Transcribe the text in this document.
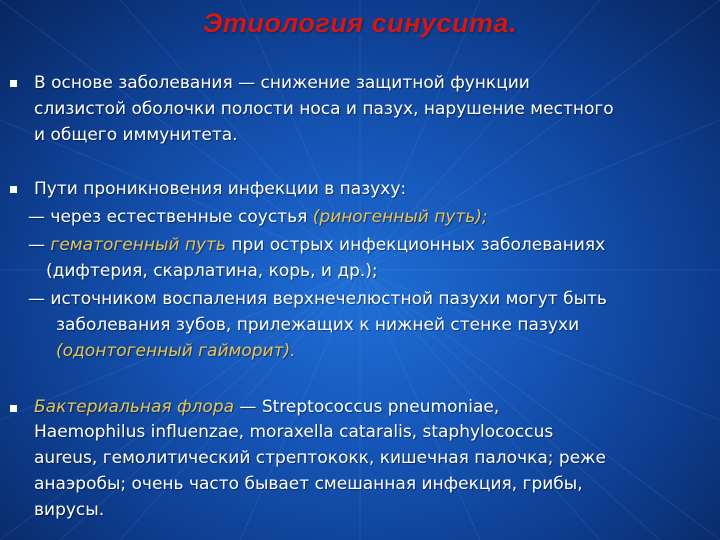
Этиология синусита.
В основе заболевания — снижение защитной функции
слизистой оболочки полости носа и пазух, нарушение местного
и общего иммунитета.
Пути проникновения инфекции в пазуху:
— через естественные соустья (риногенный путь);
— гематогенный путь при острых инфекционных заболеваниях
(дифтерия, скарлатина, корь, и др.);
— источником воспаления верхнечелюстной пазухи могут быть
заболевания зубов, прилежащих к нижней стенке пазухи
(одонтогенный гайморит).
Бактериальная флора — Streptococcus pneumoniae,
Haemophilus influenzae, moraxella cataralis, staphylococcus
aureus, гемолитический стрептококк, кишечная палочка; реже
анаэробы; очень часто бывает смешанная инфекция, грибы,
вирусы.
